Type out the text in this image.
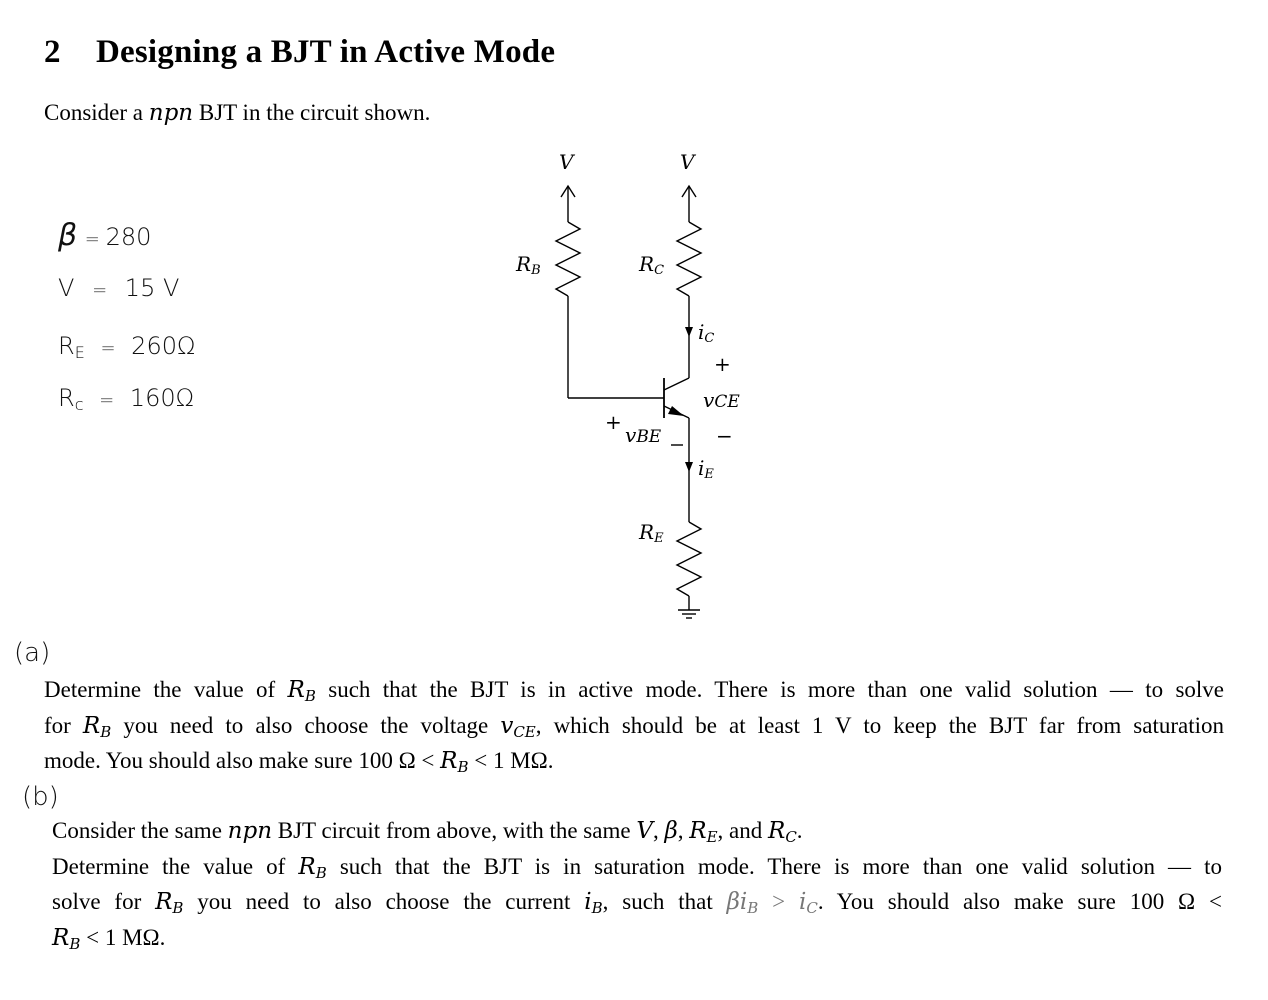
2 Designing a BJT in Active Mode
Consider a npn BJT in the circuit shown.
β = 280
V = 15 V
$R_E = 260\Omega$
$R_c = 160\Omega$
V	V
$R_B$	$R_C$
$R_E$
$i_C$
$i_E$
vCE
+
−
+
vBE
(a)
Determine the value of $R_B$ such that the BJT is in active mode. There is more than one valid solution — to solve
for $R_B$ you need to also choose the voltage $v_{CE}$, which should be at least 1 V to keep the BJT far from saturation
mode. You should also make sure 100 $\Omega < R_B < 1$ MΩ.
(b)
Consider the same npn BJT circuit from above, with the same V, β, $R_E$, and $R_C$.
Determine the value of $R_B$ such that the BJT is in saturation mode. There is more than one valid solution — to
solve for $R_B$ you need to also choose the current $i_B$, such that $\beta i_B > i_C$. You should also make sure 100 Ω <
$R_B < 1$ MΩ.
